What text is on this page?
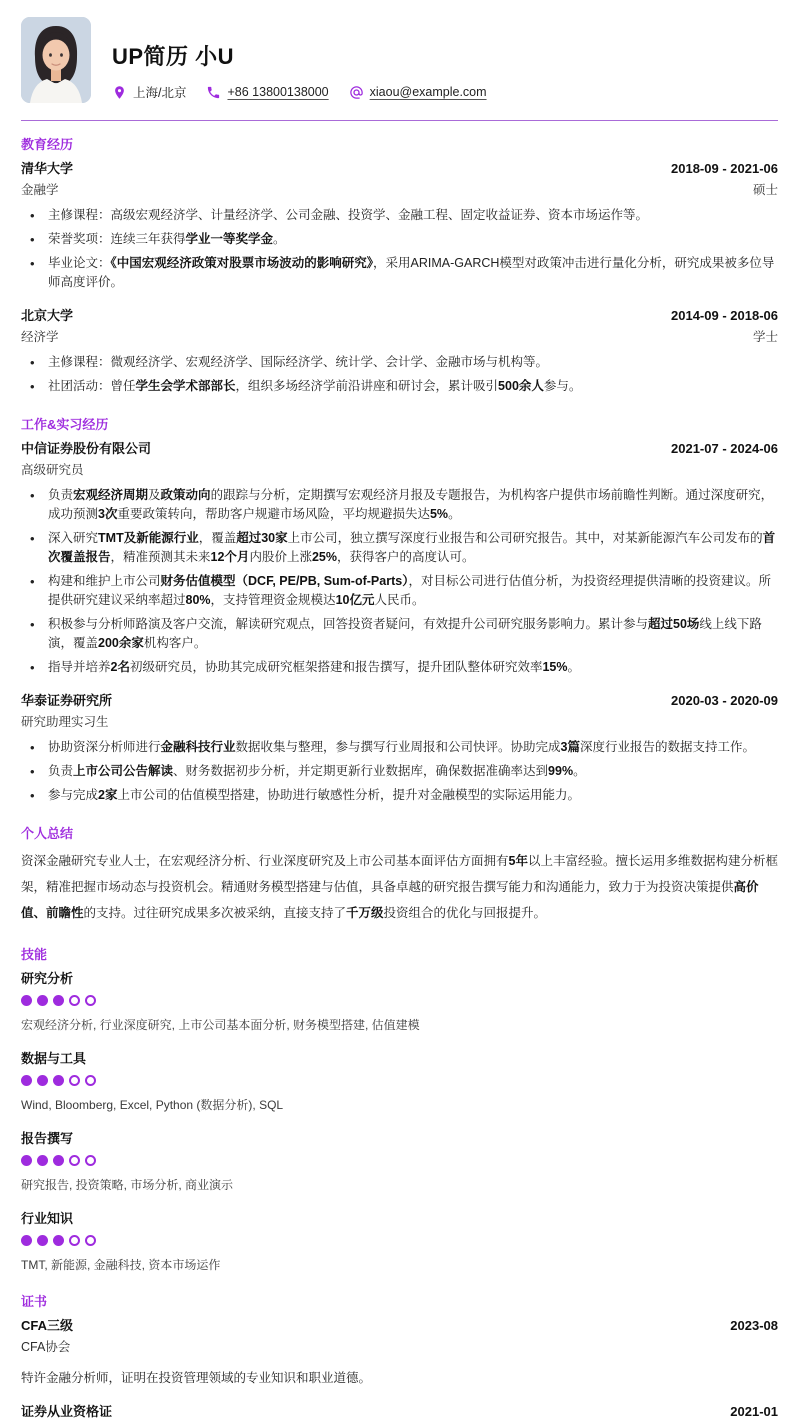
UP简历 小U
上海/北京	+86 13800138000	xiaou@example.com
教育经历
清华大学	2018-09 - 2021-06
金融学	硕士
• 主修课程：高级宏观经济学、计量经济学、公司金融、投资学、金融工程、固定收益证券、资本市场运作等。
• 荣誉奖项：连续三年获得学业一等奖学金。
• 毕业论文：《中国宏观经济政策对股票市场波动的影响研究》，采用ARIMA-GARCH模型对政策冲击进行量化分析，研究成果被多位导师高度评价。
北京大学	2014-09 - 2018-06
经济学	学士
• 主修课程：微观经济学、宏观经济学、国际经济学、统计学、会计学、金融市场与机构等。
• 社团活动：曾任学生会学术部部长，组织多场经济学前沿讲座和研讨会，累计吸引500余人参与。
工作&实习经历
中信证券股份有限公司	2021-07 - 2024-06
高级研究员
• 负责宏观经济周期及政策动向的跟踪与分析，定期撰写宏观经济月报及专题报告，为机构客户提供市场前瞻性判断。通过深度研究，成功预测3次重要政策转向，帮助客户规避市场风险，平均规避损失达5%。
• 深入研究TMT及新能源行业，覆盖超过30家上市公司，独立撰写深度行业报告和公司研究报告。其中，对某新能源汽车公司发布的首次覆盖报告，精准预测其未来12个月内股价上涨25%，获得客户的高度认可。
• 构建和维护上市公司财务估值模型（DCF, PE/PB, Sum-of-Parts），对目标公司进行估值分析，为投资经理提供清晰的投资建议。所提供研究建议采纳率超过80%，支持管理资金规模达10亿元人民币。
• 积极参与分析师路演及客户交流，解读研究观点，回答投资者疑问，有效提升公司研究服务影响力。累计参与超过50场线上线下路演，覆盖200余家机构客户。
• 指导并培养2名初级研究员，协助其完成研究框架搭建和报告撰写，提升团队整体研究效率15%。
华泰证券研究所	2020-03 - 2020-09
研究助理实习生
• 协助资深分析师进行金融科技行业数据收集与整理，参与撰写行业周报和公司快评。协助完成3篇深度行业报告的数据支持工作。
• 负责上市公司公告解读、财务数据初步分析，并定期更新行业数据库，确保数据准确率达到99%。
• 参与完成2家上市公司的估值模型搭建，协助进行敏感性分析，提升对金融模型的实际运用能力。
个人总结

资深金融研究专业人士，在宏观经济分析、行业深度研究及上市公司基本面评估方面拥有5年以上丰富经验。擅长运用多维数据构建分析框架，精准把握市场动态与投资机会。精通财务模型搭建与估值，具备卓越的研究报告撰写能力和沟通能力，致力于为投资决策提供高价值、前瞻性的支持。过往研究成果多次被采纳，直接支持了千万级投资组合的优化与回报提升。

技能
研究分析
宏观经济分析, 行业深度研究, 上市公司基本面分析, 财务模型搭建, 估值建模
数据与工具
Wind, Bloomberg, Excel, Python (数据分析), SQL
报告撰写
研究报告, 投资策略, 市场分析, 商业演示
行业知识
TMT, 新能源, 金融科技, 资本市场运作
证书
CFA三级	2023-08
CFA协会

特许金融分析师，证明在投资管理领域的专业知识和职业道德。

证券从业资格证	2021-01
